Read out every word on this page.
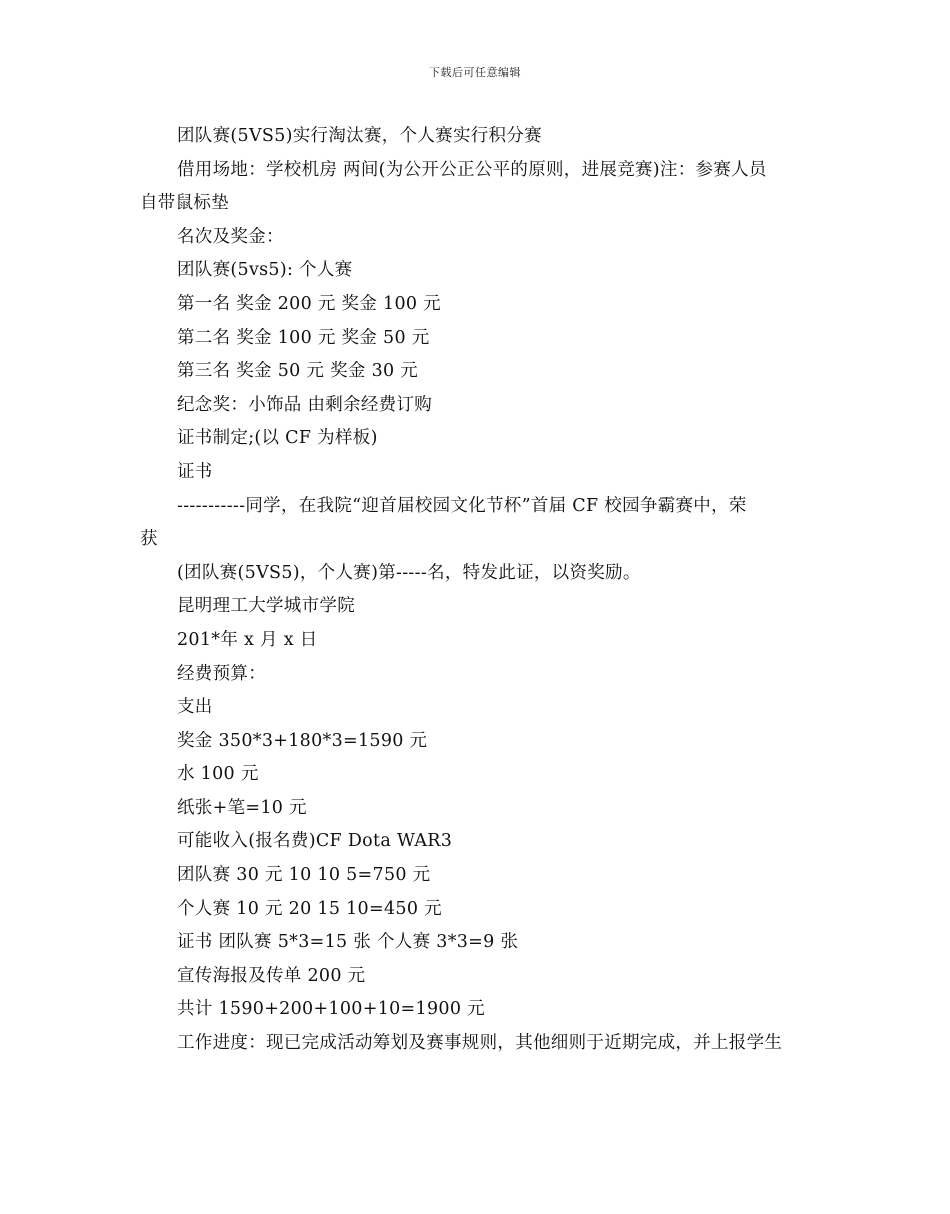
下载后可任意编辑
团队赛(5VS5)实行淘汰赛，个人赛实行积分赛
借用场地：学校机房 两间(为公开公正公平的原则，进展竞赛)注：参赛人员
自带鼠标垫
名次及奖金：
团队赛(5vs5): 个人赛
第一名 奖金 200 元 奖金 100 元
第二名 奖金 100 元 奖金 50 元
第三名 奖金 50 元 奖金 30 元
纪念奖：小饰品 由剩余经费订购
证书制定;(以 CF 为样板)
证书
-----------同学，在我院“迎首届校园文化节杯”首届 CF 校园争霸赛中，荣
获
(团队赛(5VS5)，个人赛)第-----名，特发此证，以资奖励。
昆明理工大学城市学院
201*年 x 月 x 日
经费预算：
支出
奖金 350*3+180*3=1590 元
水 100 元
纸张+笔=10 元
可能收入(报名费)CF Dota WAR3
团队赛 30 元 10 10 5=750 元
个人赛 10 元 20 15 10=450 元
证书 团队赛 5*3=15 张 个人赛 3*3=9 张
宣传海报及传单 200 元
共计 1590+200+100+10=1900 元
工作进度：现已完成活动筹划及赛事规则，其他细则于近期完成，并上报学生
